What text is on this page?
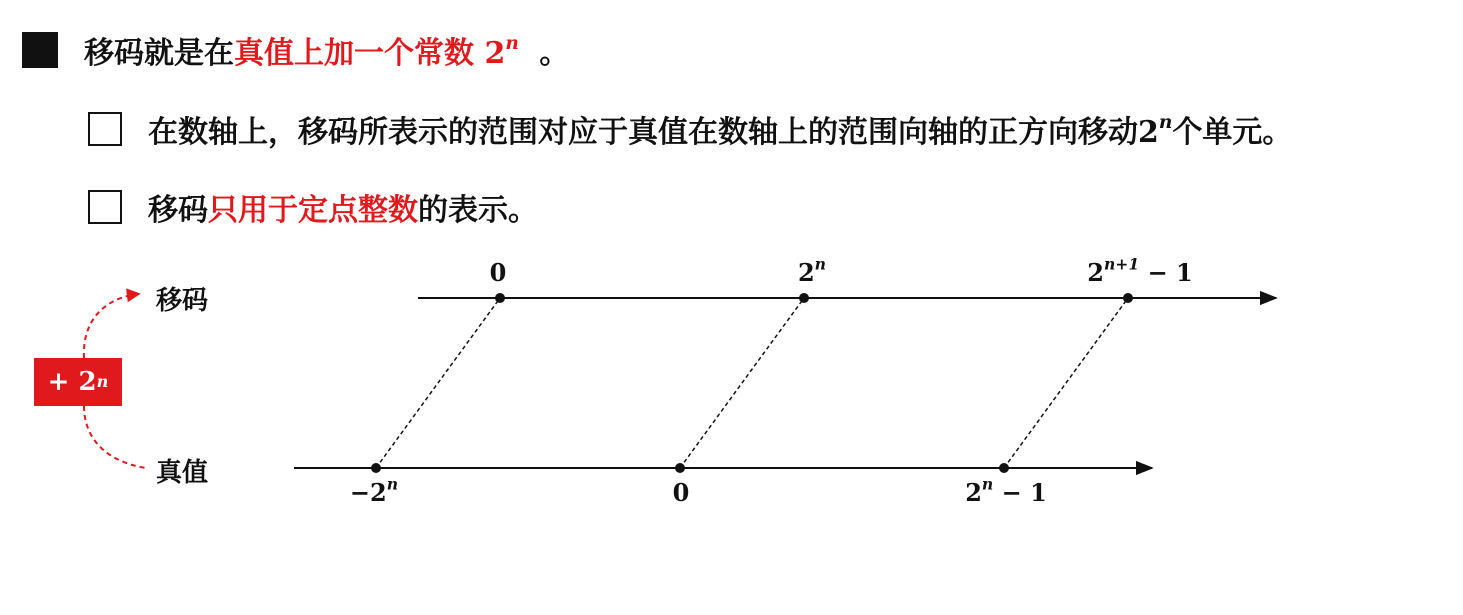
移码就是在真值上加一个常数 2$^n$ 。
在数轴上，移码所表示的范围对应于真值在数轴上的范围向轴的正方向移动2$^n$个单元。
移码只用于定点整数的表示。
移码
真值
+
2 n
0	2$^n$	$2^{n+1} - 1$
$-2^n$	0	$2^n - 1$
